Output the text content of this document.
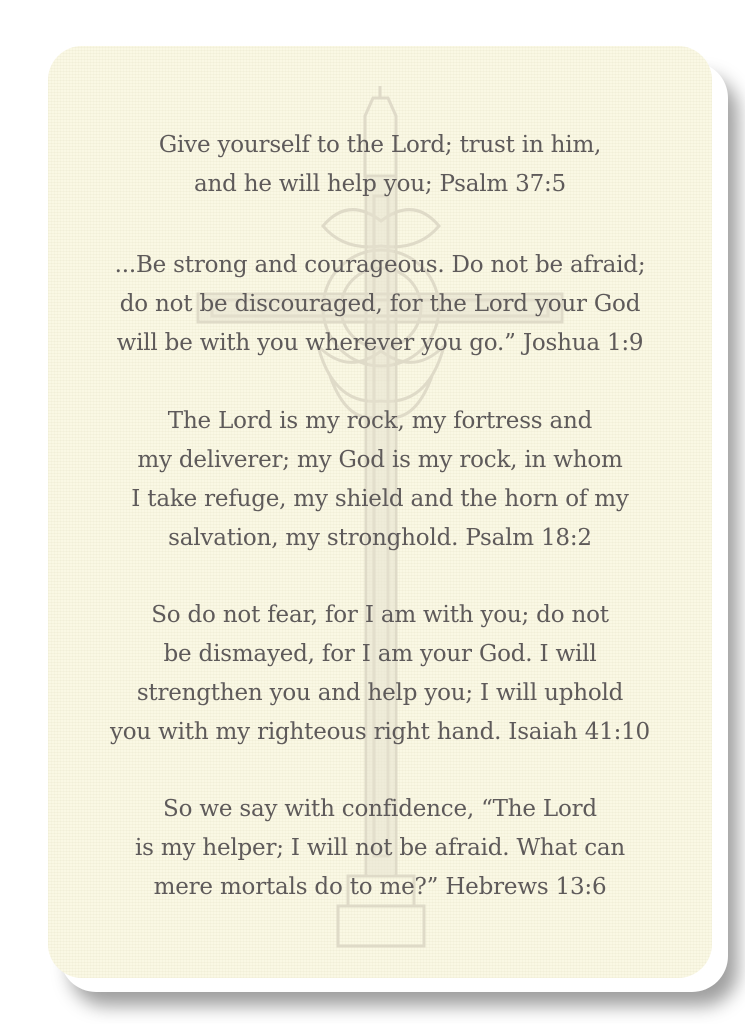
Give yourself to the Lord; trust in him,
and he will help you; Psalm 37:5

...Be strong and courageous. Do not be afraid;
do not be discouraged, for the Lord your God
will be with you wherever you go.” Joshua 1:9

The Lord is my rock, my fortress and
my deliverer; my God is my rock, in whom
I take refuge, my shield and the horn of my
salvation, my stronghold. Psalm 18:2

So do not fear, for I am with you; do not
be dismayed, for I am your God. I will
strengthen you and help you; I will uphold
you with my righteous right hand. Isaiah 41:10

So we say with confidence, “The Lord
is my helper; I will not be afraid. What can
mere mortals do to me?” Hebrews 13:6
